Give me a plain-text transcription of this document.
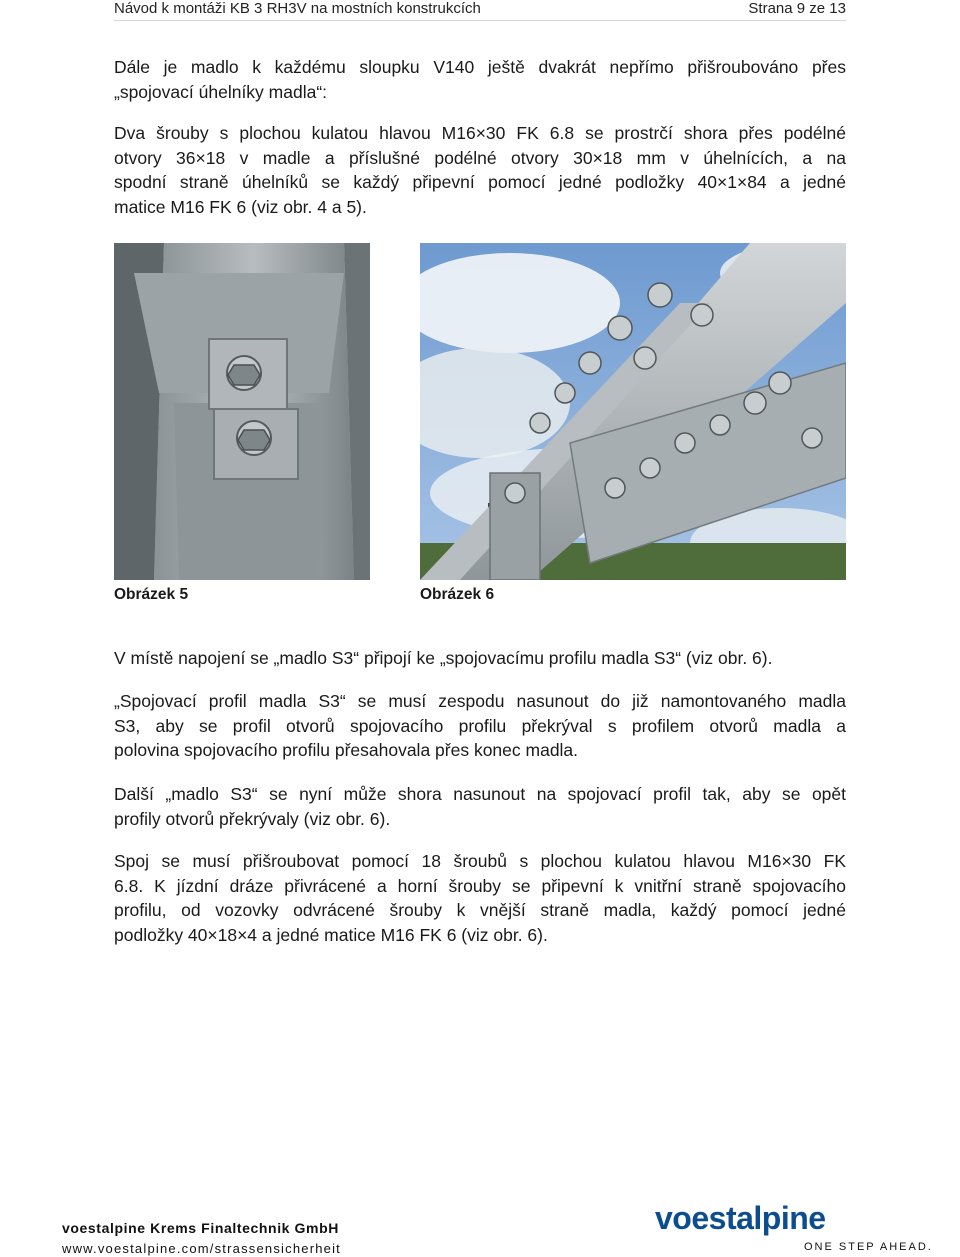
Návod k montáži KB 3 RH3V na mostních konstrukcích	Strana 9 ze 13
Dále je madlo k každému sloupku V140 ještě dvakrát nepřímo přišroubováno přes
„spojovací úhelníky madla“:
Dva šrouby s plochou kulatou hlavou M16×30 FK 6.8 se prostrčí shora přes podélné
otvory 36×18 v madle a příslušné podélné otvory 30×18 mm v úhelnících, a na
spodní straně úhelníků se každý připevní pomocí jedné podložky 40×1×84 a jedné
matice M16 FK 6 (viz obr. 4 a 5).
Obrázek 5	Obrázek 6
V místě napojení se „madlo S3“ připojí ke „spojovacímu profilu madla S3“ (viz obr. 6).
„Spojovací profil madla S3“ se musí zespodu nasunout do již namontovaného madla
S3, aby se profil otvorů spojovacího profilu překrýval s profilem otvorů madla a
polovina spojovacího profilu přesahovala přes konec madla.
Další „madlo S3“ se nyní může shora nasunout na spojovací profil tak, aby se opět
profily otvorů překrývaly (viz obr. 6).
Spoj se musí přišroubovat pomocí 18 šroubů s plochou kulatou hlavou M16×30 FK
6.8. K jízdní dráze přivrácené a horní šrouby se připevní k vnitřní straně spojovacího
profilu, od vozovky odvrácené šrouby k vnější straně madla, každý pomocí jedné
podložky 40×18×4 a jedné matice M16 FK 6 (viz obr. 6).
voestalpine Krems Finaltechnik GmbH
www.voestalpine.com/strassensicherheit
voestalpine
ONE STEP AHEAD.
